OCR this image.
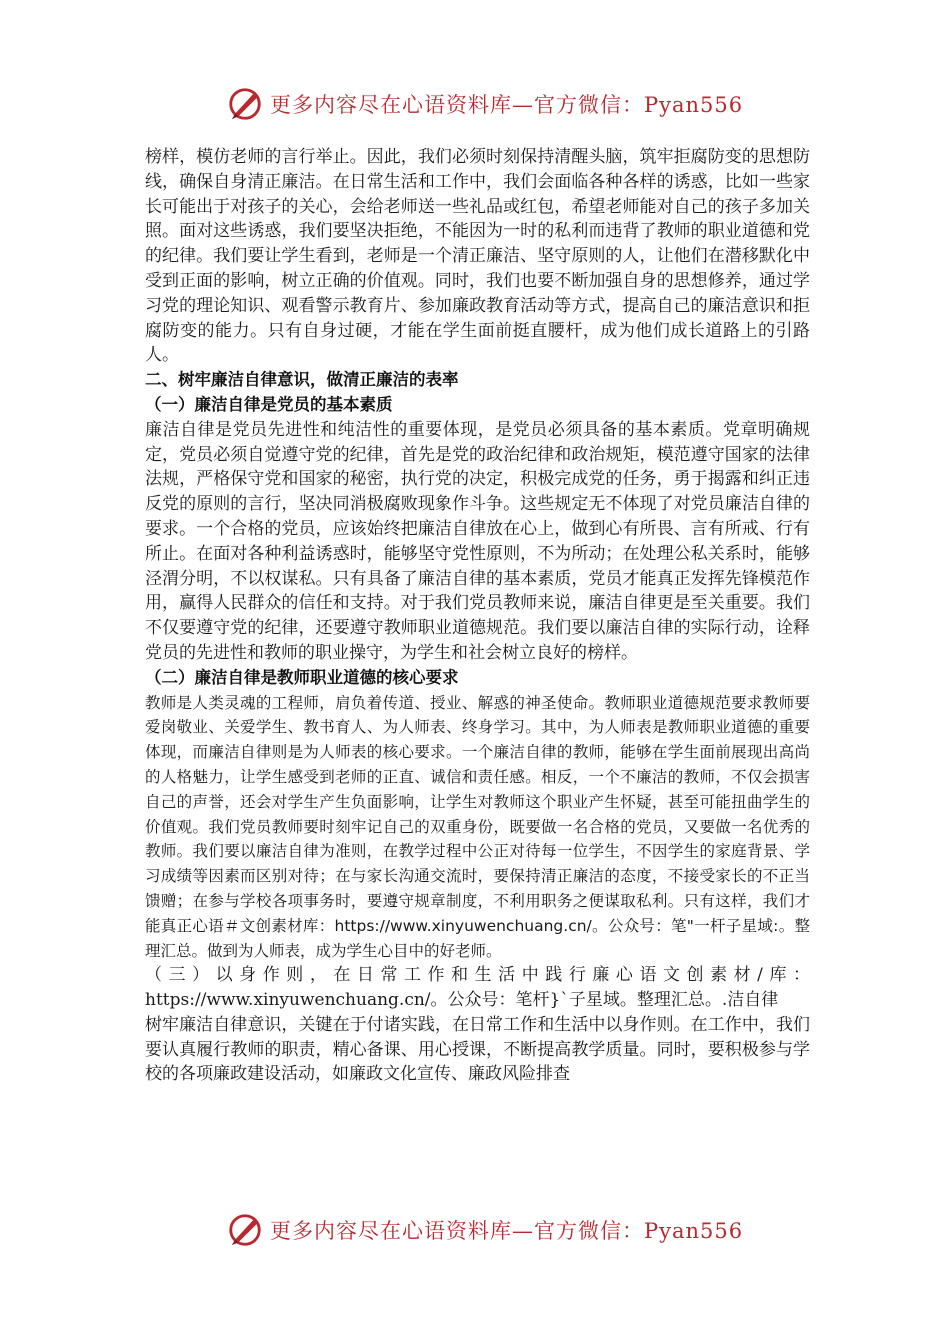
更多内容尽在心语资料库—官方微信：Pyan556

榜样，模仿老师的言行举止。因此，我们必须时刻保持清醒头脑，筑牢拒腐防变的思想防线，确保自身清正廉洁。在日常生活和工作中，我们会面临各种各样的诱惑，比如一些家长可能出于对孩子的关心，会给老师送一些礼品或红包，希望老师能对自己的孩子多加关照。面对这些诱惑，我们要坚决拒绝，不能因为一时的私利而违背了教师的职业道德和党的纪律。我们要让学生看到，老师是一个清正廉洁、坚守原则的人，让他们在潜移默化中受到正面的影响，树立正确的价值观。同时，我们也要不断加强自身的思想修养，通过学习党的理论知识、观看警示教育片、参加廉政教育活动等方式，提高自己的廉洁意识和拒腐防变的能力。只有自身过硬，才能在学生面前挺直腰杆，成为他们成长道路上的引路人。

二、树牢廉洁自律意识，做清正廉洁的表率

（一）廉洁自律是党员的基本素质

廉洁自律是党员先进性和纯洁性的重要体现，是党员必须具备的基本素质。党章明确规定，党员必须自觉遵守党的纪律，首先是党的政治纪律和政治规矩，模范遵守国家的法律法规，严格保守党和国家的秘密，执行党的决定，积极完成党的任务，勇于揭露和纠正违反党的原则的言行，坚决同消极腐败现象作斗争。这些规定无不体现了对党员廉洁自律的要求。一个合格的党员，应该始终把廉洁自律放在心上，做到心有所畏、言有所戒、行有所止。在面对各种利益诱惑时，能够坚守党性原则，不为所动；在处理公私关系时，能够泾渭分明，不以权谋私。只有具备了廉洁自律的基本素质，党员才能真正发挥先锋模范作用，赢得人民群众的信任和支持。对于我们党员教师来说，廉洁自律更是至关重要。我们不仅要遵守党的纪律，还要遵守教师职业道德规范。我们要以廉洁自律的实际行动，诠释党员的先进性和教师的职业操守，为学生和社会树立良好的榜样。

（二）廉洁自律是教师职业道德的核心要求

教师是人类灵魂的工程师，肩负着传道、授业、解惑的神圣使命。教师职业道德规范要求教师要爱岗敬业、关爱学生、教书育人、为人师表、终身学习。其中，为人师表是教师职业道德的重要体现，而廉洁自律则是为人师表的核心要求。一个廉洁自律的教师，能够在学生面前展现出高尚的人格魅力，让学生感受到老师的正直、诚信和责任感。相反，一个不廉洁的教师，不仅会损害自己的声誉，还会对学生产生负面影响，让学生对教师这个职业产生怀疑，甚至可能扭曲学生的价值观。我们党员教师要时刻牢记自己的双重身份，既要做一名合格的党员，又要做一名优秀的教师。我们要以廉洁自律为准则，在教学过程中公正对待每一位学生，不因学生的家庭背景、学习成绩等因素而区别对待；在与家长沟通交流时，要保持清正廉洁的态度，不接受家长的不正当馈赠；在参与学校各项事务时，要遵守规章制度，不利用职务之便谋取私利。只有这样，我们才能真正心语＃文创素材库：https://www.xinyuwenchuang.cn/。公众号：笔"一杆子星域:。整理汇总。做到为人师表，成为学生心目中的好老师。

（三）以身作则，在日常工作和生活中践行廉心语文创素材/库：https://www.xinyuwenchuang.cn/。公众号：笔杆}`子星域。整理汇总。.洁自律

树牢廉洁自律意识，关键在于付诸实践，在日常工作和生活中以身作则。在工作中，我们要认真履行教师的职责，精心备课、用心授课，不断提高教学质量。同时，要积极参与学校的各项廉政建设活动，如廉政文化宣传、廉政风险排查

更多内容尽在心语资料库—官方微信：Pyan556
